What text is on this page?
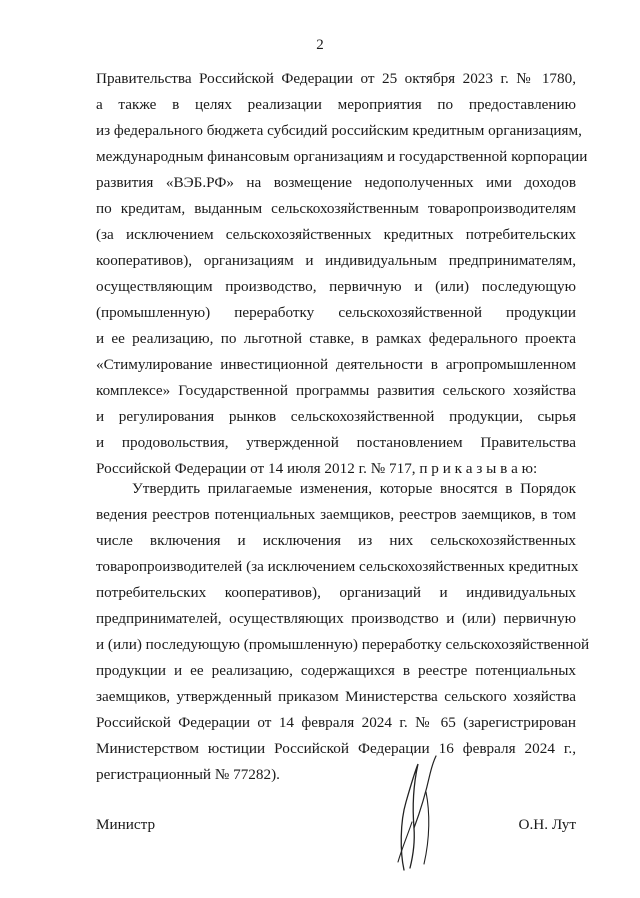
2
Правительства Российской Федерации от 25 октября 2023 г. № 1780,
а также в целях реализации мероприятия по предоставлению
из федерального бюджета субсидий российским кредитным организациям,
международным финансовым организациям и государственной корпорации
развития «ВЭБ.РФ» на возмещение недополученных ими доходов
по кредитам, выданным сельскохозяйственным товаропроизводителям
(за исключением сельскохозяйственных кредитных потребительских
кооперативов), организациям и индивидуальным предпринимателям,
осуществляющим производство, первичную и (или) последующую
(промышленную) переработку сельскохозяйственной продукции
и ее реализацию, по льготной ставке, в рамках федерального проекта
«Стимулирование инвестиционной деятельности в агропромышленном
комплексе» Государственной программы развития сельского хозяйства
и регулирования рынков сельскохозяйственной продукции, сырья
и продовольствия, утвержденной постановлением Правительства
Российской Федерации от 14 июля 2012 г. № 717, п р и к а з ы в а ю:
Утвердить прилагаемые изменения, которые вносятся в Порядок
ведения реестров потенциальных заемщиков, реестров заемщиков, в том
числе включения и исключения из них сельскохозяйственных
товаропроизводителей (за исключением сельскохозяйственных кредитных
потребительских кооперативов), организаций и индивидуальных
предпринимателей, осуществляющих производство и (или) первичную
и (или) последующую (промышленную) переработку сельскохозяйственной
продукции и ее реализацию, содержащихся в реестре потенциальных
заемщиков, утвержденный приказом Министерства сельского хозяйства
Российской Федерации от 14 февраля 2024 г. № 65 (зарегистрирован
Министерством юстиции Российской Федерации 16 февраля 2024 г.,
регистрационный № 77282).
Министр	О.Н. Лут
